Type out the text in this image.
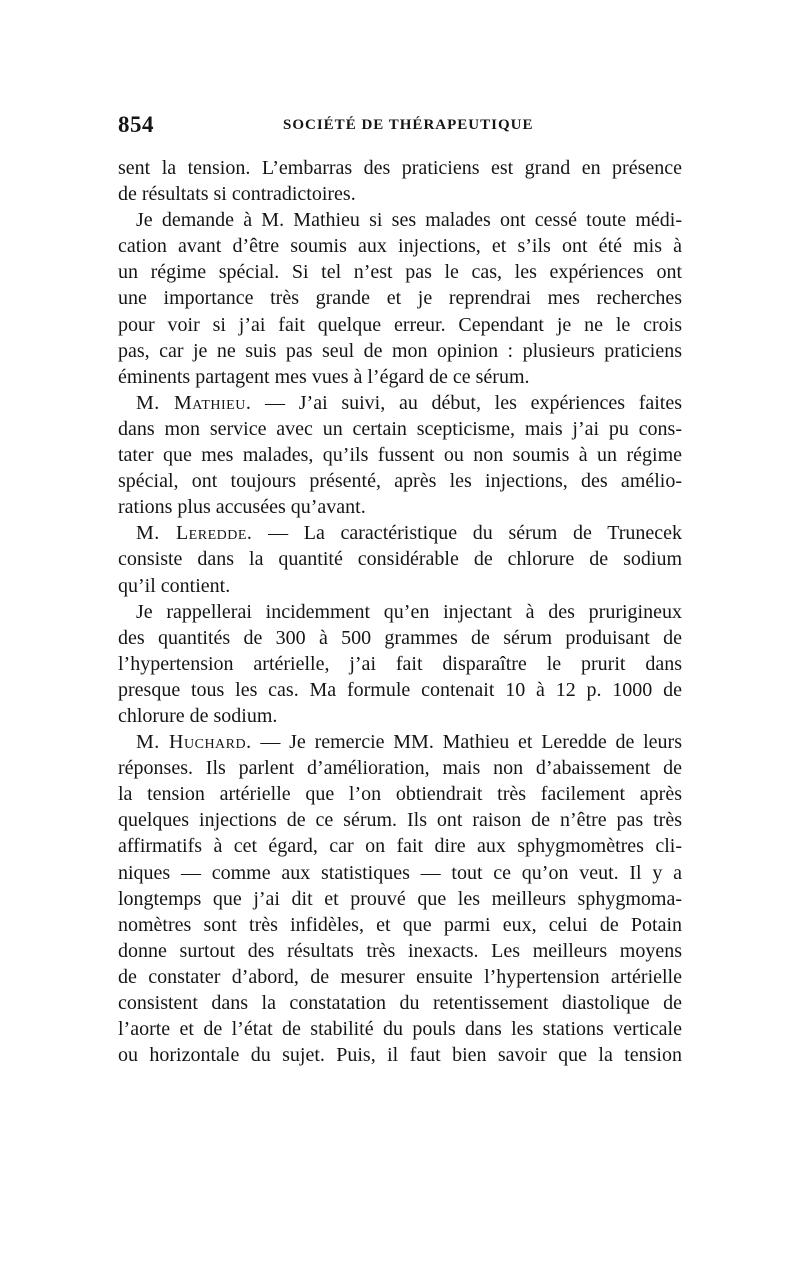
854	SOCIÉTÉ DE THÉRAPEUTIQUE
sent la tension. L’embarras des praticiens est grand en présence
de résultats si contradictoires.
Je demande à M. Mathieu si ses malades ont cessé toute médi-
cation avant d’être soumis aux injections, et s’ils ont été mis à
un régime spécial. Si tel n’est pas le cas, les expériences ont
une importance très grande et je reprendrai mes recherches
pour voir si j’ai fait quelque erreur. Cependant je ne le crois
pas, car je ne suis pas seul de mon opinion : plusieurs praticiens
éminents partagent mes vues à l’égard de ce sérum.
M. Mathieu. — J’ai suivi, au début, les expériences faites
dans mon service avec un certain scepticisme, mais j’ai pu cons-
tater que mes malades, qu’ils fussent ou non soumis à un régime
spécial, ont toujours présenté, après les injections, des amélio-
rations plus accusées qu’avant.
M. Leredde. — La caractéristique du sérum de Trunecek
consiste dans la quantité considérable de chlorure de sodium
qu’il contient.
Je rappellerai incidemment qu’en injectant à des prurigineux
des quantités de 300 à 500 grammes de sérum produisant de
l’hypertension artérielle, j’ai fait disparaître le prurit dans
presque tous les cas. Ma formule contenait 10 à 12 p. 1000 de
chlorure de sodium.
M. Huchard. — Je remercie MM. Mathieu et Leredde de leurs
réponses. Ils parlent d’amélioration, mais non d’abaissement de
la tension artérielle que l’on obtiendrait très facilement après
quelques injections de ce sérum. Ils ont raison de n’être pas très
affirmatifs à cet égard, car on fait dire aux sphygmomètres cli-
niques — comme aux statistiques — tout ce qu’on veut. Il y a
longtemps que j’ai dit et prouvé que les meilleurs sphygmoma-
nomètres sont très infidèles, et que parmi eux, celui de Potain
donne surtout des résultats très inexacts. Les meilleurs moyens
de constater d’abord, de mesurer ensuite l’hypertension artérielle
consistent dans la constatation du retentissement diastolique de
l’aorte et de l’état de stabilité du pouls dans les stations verticale
ou horizontale du sujet. Puis, il faut bien savoir que la tension
